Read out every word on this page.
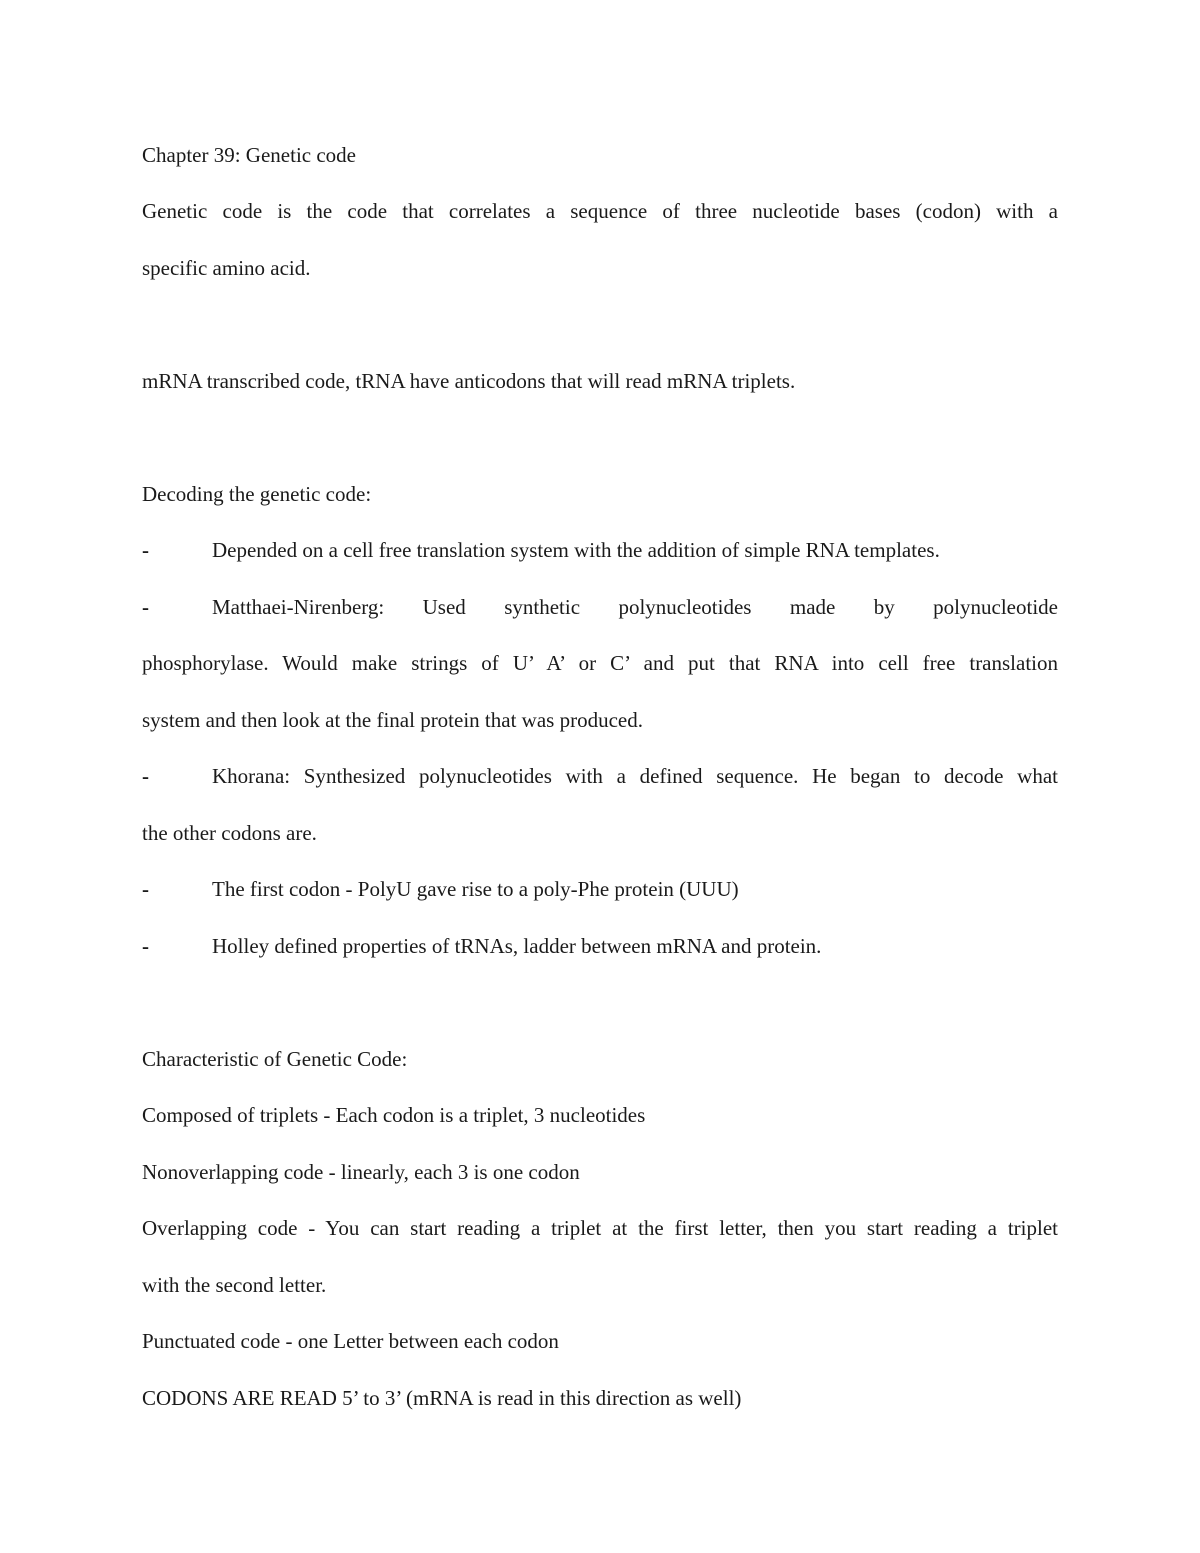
Chapter 39: Genetic code
Genetic code is the code that correlates a sequence of three nucleotide bases (codon) with a
specific amino acid.
mRNA transcribed code, tRNA have anticodons that will read mRNA triplets.
Decoding the genetic code:
-	Depended on a cell free translation system with the addition of simple RNA templates.
-	Matthaei-Nirenberg: Used synthetic polynucleotides made by polynucleotide
phosphorylase. Would make strings of U’ A’ or C’ and put that RNA into cell free translation
system and then look at the final protein that was produced.
-	Khorana: Synthesized polynucleotides with a defined sequence. He began to decode what
the other codons are.
-	The first codon - PolyU gave rise to a poly-Phe protein (UUU)
-	Holley defined properties of tRNAs, ladder between mRNA and protein.
Characteristic of Genetic Code:
Composed of triplets - Each codon is a triplet, 3 nucleotides
Nonoverlapping code - linearly, each 3 is one codon
Overlapping code - You can start reading a triplet at the first letter, then you start reading a triplet
with the second letter.
Punctuated code - one Letter between each codon
CODONS ARE READ 5’ to 3’ (mRNA is read in this direction as well)
